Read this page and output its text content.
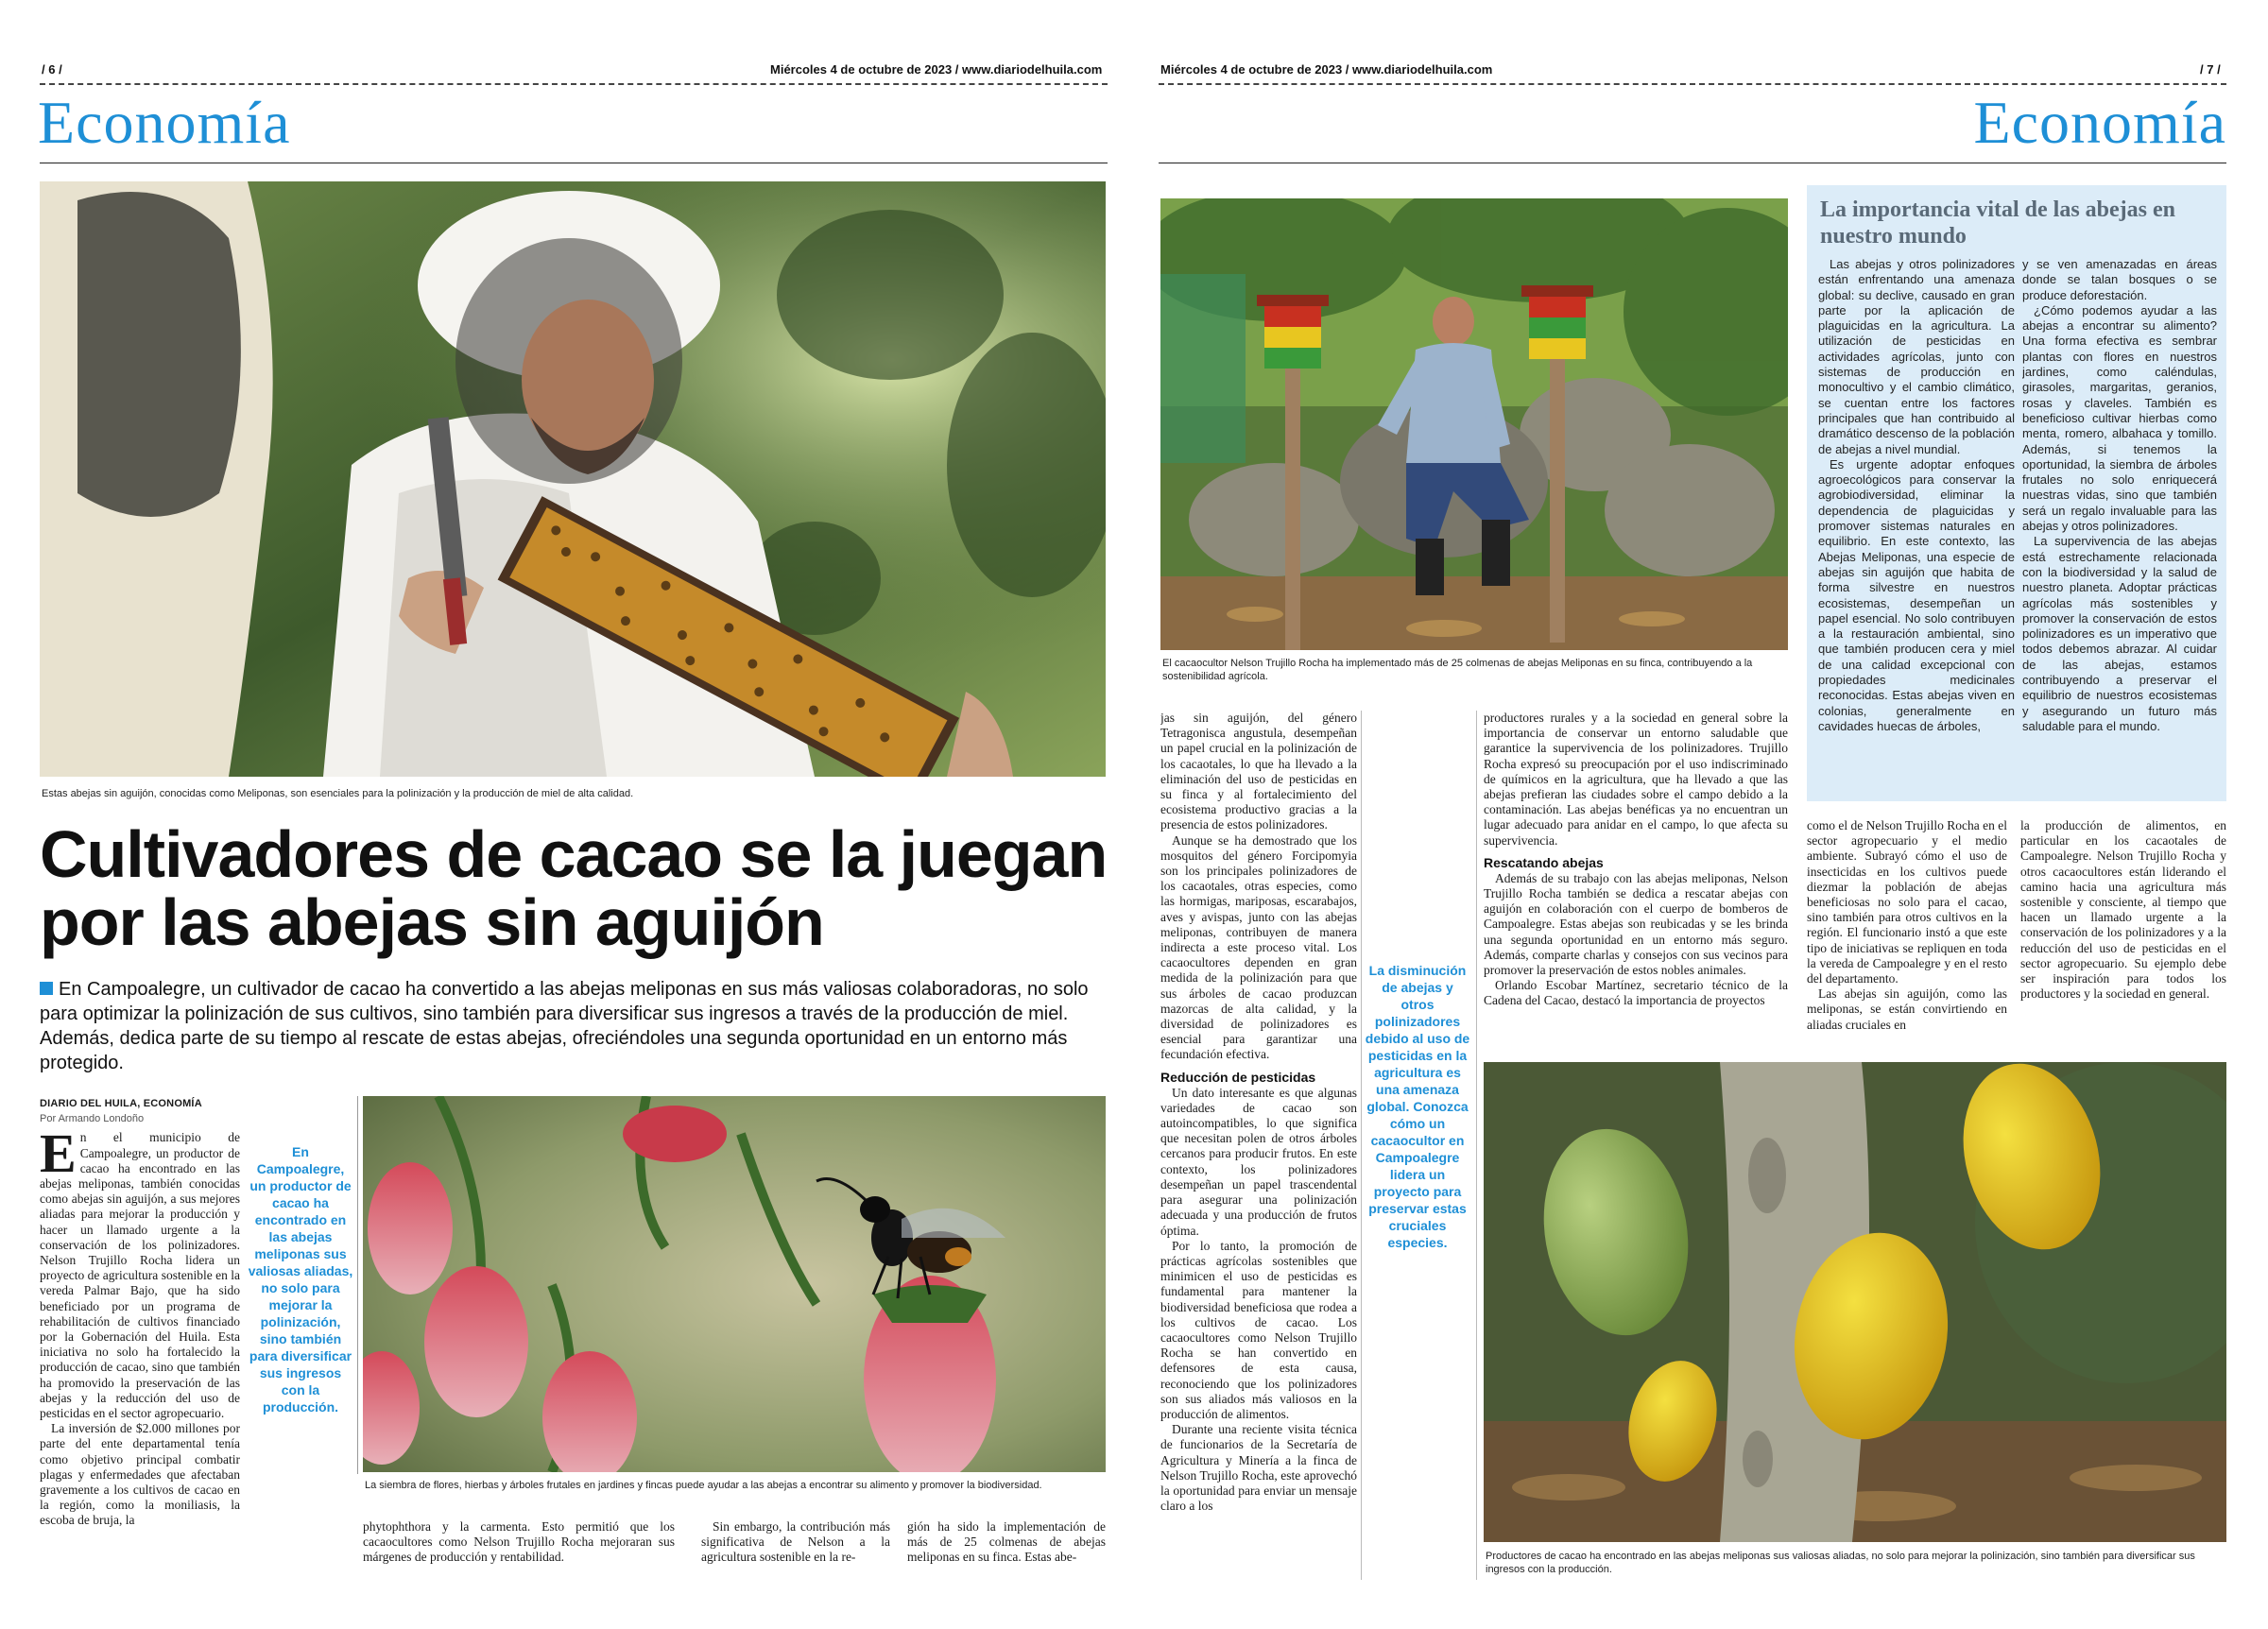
/ 6 /	Miércoles 4 de octubre de 2023 / www.diariodelhuila.com
Economía
Estas abejas sin aguijón, conocidas como Meliponas, son esenciales para la polinización y la producción de miel de alta calidad.
Cultivadores de cacao se la juegan por las abejas sin aguijón
En Campoalegre, un cultivador de cacao ha convertido a las abejas meliponas en sus más valiosas colaboradoras, no solo para optimizar la polinización de sus cultivos, sino también para diversificar sus ingresos a través de la producción de miel. Además, dedica parte de su tiempo al rescate de estas abejas, ofreciéndoles una segunda oportunidad en un entorno más protegido.
DIARIO DEL HUILA, ECONOMÍA
Por Armando Londoño
E n el municipio de Campoalegre, un productor de cacao ha encontrado en las abejas meliponas, también conocidas como abejas sin aguijón, a sus mejores aliadas para mejorar la producción y hacer un llamado urgente a la conservación de los polinizadores. Nelson Trujillo Rocha lidera un proyecto de agricultura sostenible en la vereda Palmar Bajo, que ha sido beneficiado por un programa de rehabilitación de cultivos financiado por la Gobernación del Huila. Esta iniciativa no solo ha fortalecido la producción de cacao, sino que también ha promovido la preservación de las abejas y la reducción del uso de pesticidas en el sector agropecuario.

La inversión de $2.000 millones por parte del ente departamental tenía como objetivo principal combatir plagas y enfermedades que afectaban gravemente a los cultivos de cacao en la región, como la moniliasis, la escoba de bruja, la

En Campoalegre, un productor de cacao ha encontrado en las abejas meliponas sus valiosas aliadas, no solo para mejorar la polinización, sino también para diversificar sus ingresos con la producción.
La siembra de flores, hierbas y árboles frutales en jardines y fincas puede ayudar a las abejas a encontrar su alimento y promover la biodiversidad.

phytophthora y la carmenta. Esto permitió que los cacaocultores como Nelson Trujillo Rocha mejoraran sus márgenes de producción y rentabilidad.

Sin embargo, la contribución más significativa de Nelson a la agricultura sostenible en la re-

gión ha sido la implementación de más de 25 colmenas de abejas meliponas en su finca. Estas abe-

Miércoles 4 de octubre de 2023 / www.diariodelhuila.com	/ 7 /
Economía
El cacaocultor Nelson Trujillo Rocha ha implementado más de 25 colmenas de abejas Meliponas en su finca, contribuyendo a la sostenibilidad agrícola.
La importancia vital de las abejas en nuestro mundo

Las abejas y otros polinizadores están enfrentando una amenaza global: su declive, causado en gran parte por la aplicación de plaguicidas en la agricultura. La utilización de pesticidas en actividades agrícolas, junto con sistemas de producción en monocultivo y el cambio climático, se cuentan entre los factores principales que han contribuido al dramático descenso de la población de abejas a nivel mundial.

Es urgente adoptar enfoques agroecológicos para conservar la agrobiodiversidad, eliminar la dependencia de plaguicidas y promover sistemas naturales en equilibrio. En este contexto, las Abejas Meliponas, una especie de abejas sin aguijón que habita de forma silvestre en nuestros ecosistemas, desempeñan un papel esencial. No solo contribuyen a la restauración ambiental, sino que también producen cera y miel de una calidad excepcional con propiedades medicinales reconocidas. Estas abejas viven en colonias, generalmente en cavidades huecas de árboles,

y se ven amenazadas en áreas donde se talan bosques o se produce deforestación.

¿Cómo podemos ayudar a las abejas a encontrar su alimento? Una forma efectiva es sembrar plantas con flores en nuestros jardines, como caléndulas, girasoles, margaritas, geranios, rosas y claveles. También es beneficioso cultivar hierbas como menta, romero, albahaca y tomillo. Además, si tenemos la oportunidad, la siembra de árboles frutales no solo enriquecerá nuestras vidas, sino que también será un regalo invaluable para las abejas y otros polinizadores.

La supervivencia de las abejas está estrechamente relacionada con la biodiversidad y la salud de nuestro planeta. Adoptar prácticas agrícolas más sostenibles y promover la conservación de estos polinizadores es un imperativo que todos debemos abrazar. Al cuidar de las abejas, estamos contribuyendo a preservar el equilibrio de nuestros ecosistemas y asegurando un futuro más saludable para el mundo.

jas sin aguijón, del género Tetragonisca angustula, desempeñan un papel crucial en la polinización de los cacaotales, lo que ha llevado a la eliminación del uso de pesticidas en su finca y al fortalecimiento del ecosistema productivo gracias a la presencia de estos polinizadores.

Aunque se ha demostrado que los mosquitos del género Forcipomyia son los principales polinizadores de los cacaotales, otras especies, como las hormigas, mariposas, escarabajos, aves y avispas, junto con las abejas meliponas, contribuyen de manera indirecta a este proceso vital. Los cacaocultores dependen en gran medida de la polinización para que sus árboles de cacao produzcan mazorcas de alta calidad, y la diversidad de polinizadores es esencial para garantizar una fecundación efectiva.

Reducción de pesticidas

Un dato interesante es que algunas variedades de cacao son autoincompatibles, lo que significa que necesitan polen de otros árboles cercanos para producir frutos. En este contexto, los polinizadores desempeñan un papel trascendental para asegurar una polinización adecuada y una producción de frutos óptima.

Por lo tanto, la promoción de prácticas agrícolas sostenibles que minimicen el uso de pesticidas es fundamental para mantener la biodiversidad beneficiosa que rodea a los cultivos de cacao. Los cacaocultores como Nelson Trujillo Rocha se han convertido en defensores de esta causa, reconociendo que los polinizadores son sus aliados más valiosos en la producción de alimentos.

Durante una reciente visita técnica de funcionarios de la Secretaría de Agricultura y Minería a la finca de Nelson Trujillo Rocha, este aprovechó la oportunidad para enviar un mensaje claro a los

La disminución de abejas y otros polinizadores debido al uso de pesticidas en la agricultura es una amenaza global. Conozca cómo un cacaocultor en Campoalegre lidera un proyecto para preservar estas cruciales especies.

productores rurales y a la sociedad en general sobre la importancia de conservar un entorno saludable que garantice la supervivencia de los polinizadores. Trujillo Rocha expresó su preocupación por el uso indiscriminado de químicos en la agricultura, que ha llevado a que las abejas prefieran las ciudades sobre el campo debido a la contaminación. Las abejas benéficas ya no encuentran un lugar adecuado para anidar en el campo, lo que afecta su supervivencia.

Rescatando abejas

Además de su trabajo con las abejas meliponas, Nelson Trujillo Rocha también se dedica a rescatar abejas con aguijón en colaboración con el cuerpo de bomberos de Campoalegre. Estas abejas son reubicadas y se les brinda una segunda oportunidad en un entorno más seguro. Además, comparte charlas y consejos con sus vecinos para promover la preservación de estos nobles animales.

Orlando Escobar Martínez, secretario técnico de la Cadena del Cacao, destacó la importancia de proyectos

como el de Nelson Trujillo Rocha en el sector agropecuario y el medio ambiente. Subrayó cómo el uso de insecticidas en los cultivos puede diezmar la población de abejas beneficiosas no solo para el cacao, sino también para otros cultivos en la región. El funcionario instó a que este tipo de iniciativas se repliquen en toda la vereda de Campoalegre y en el resto del departamento.

Las abejas sin aguijón, como las meliponas, se están convirtiendo en aliadas cruciales en

la producción de alimentos, en particular en los cacaotales de Campoalegre. Nelson Trujillo Rocha y otros cacaocultores están liderando el camino hacia una agricultura más sostenible y consciente, al tiempo que hacen un llamado urgente a la conservación de los polinizadores y a la reducción del uso de pesticidas en el sector agropecuario. Su ejemplo debe ser inspiración para todos los productores y la sociedad en general.

Productores de cacao ha encontrado en las abejas meliponas sus valiosas aliadas, no solo para mejorar la polinización, sino también para diversificar sus ingresos con la producción.
